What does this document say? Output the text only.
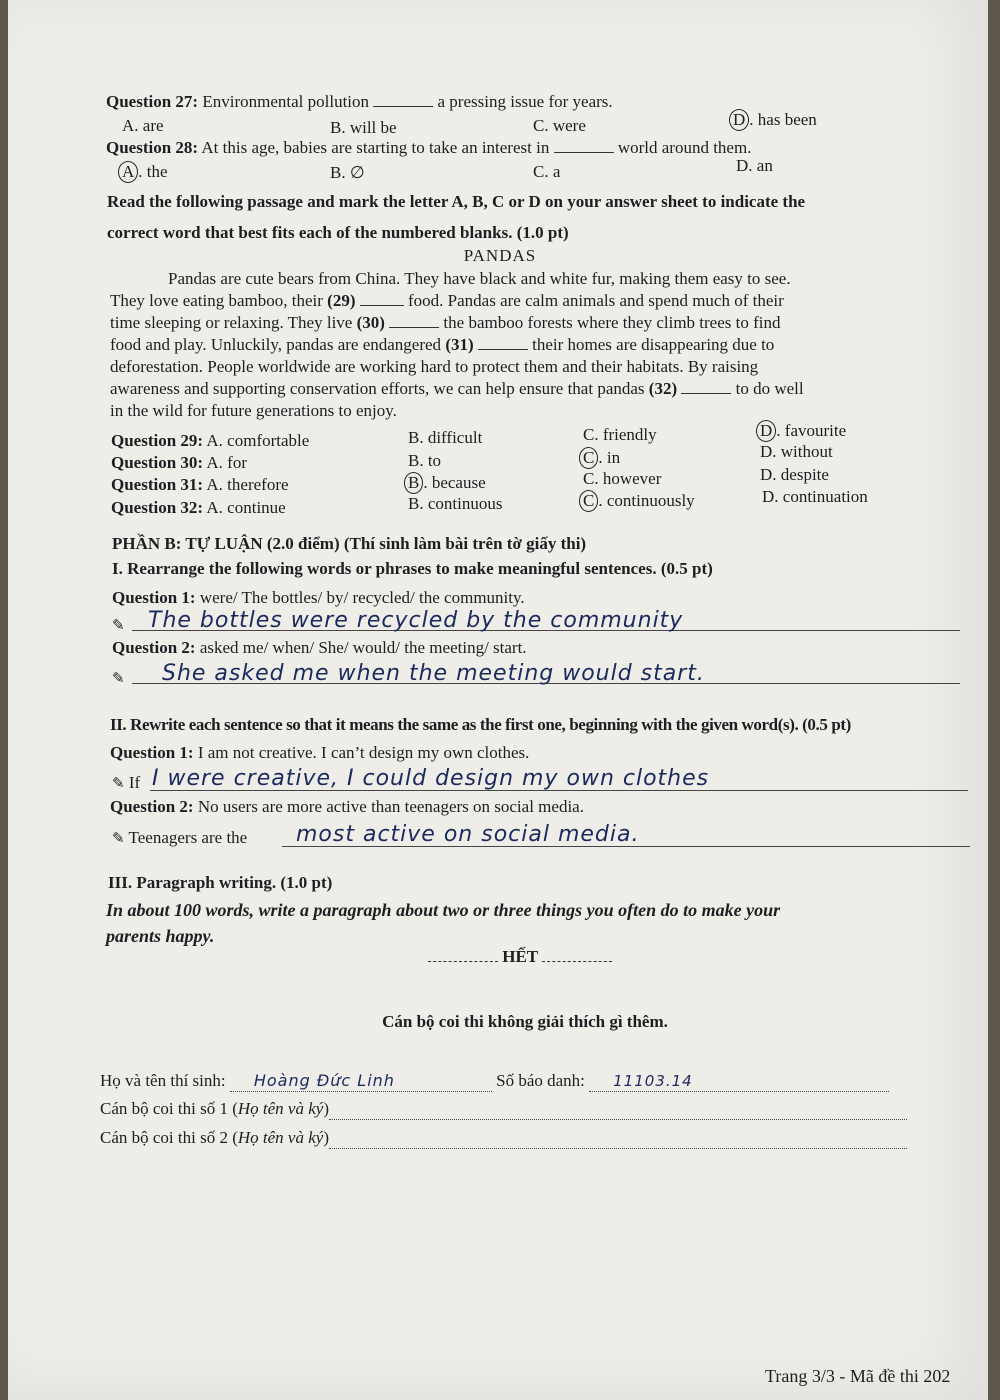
Question 27: Environmental pollution	a pressing issue for years.
A. are	B. will be	C. were	D . has been
Question 28: At this age, babies are starting to take an interest in	world around them.
A . the	B. ∅	C. a	D. an
Read the following passage and mark the letter A, B, C or D on your answer sheet to indicate the
correct word that best fits each of the numbered blanks. (1.0 pt)
PANDAS
Pandas are cute bears from China. They have black and white fur, making them easy to see.
They love eating bamboo, their (29)	food. Pandas are calm animals and spend much of their
time sleeping or relaxing. They live (30)	the bamboo forests where they climb trees to find
food and play. Unluckily, pandas are endangered (31)	their homes are disappearing due to
deforestation. People worldwide are working hard to protect them and their habitats. By raising
awareness and supporting conservation efforts, we can help ensure that pandas (32)	to do well
in the wild for future generations to enjoy.
Question 29: A. comfortable	B. difficult	C. friendly	D . favourite
Question 30: A. for	B. to	C . in	D. without
Question 31: A. therefore	B . because	C. however	D. despite
Question 32: A. continue	B. continuous	C . continuously	D. continuation
PHẦN B: TỰ LUẬN (2.0 điểm) (Thí sinh làm bài trên tờ giấy thi)
I. Rearrange the following words or phrases to make meaningful sentences. (0.5 pt)
Question 1: were/ The bottles/ by/ recycled/ the community.
✎ The bottles were recycled by the community
Question 2: asked me/ when/ She/ would/ the meeting/ start.
✎ She asked me when the meeting would start.
II. Rewrite each sentence so that it means the same as the first one, beginning with the given word(s). (0.5 pt)
Question 1: I am not creative. I can’t design my own clothes.
✎ If I were creative, I could design my own clothes
Question 2: No users are more active than teenagers on social media.
✎ Teenagers are the most active on social media.
III. Paragraph writing. (1.0 pt)
In about 100 words, write a paragraph about two or three things you often do to make your
parents happy.
HẾT
Cán bộ coi thi không giải thích gì thêm.
Họ và tên thí sinh: Hoàng Đức Linh	Số báo danh: 11103.14

Cán bộ coi thi số 1 (Họ tên và ký)
Cán bộ coi thi số 2 (Họ tên và ký)
Trang 3/3 - Mã đề thi 202
